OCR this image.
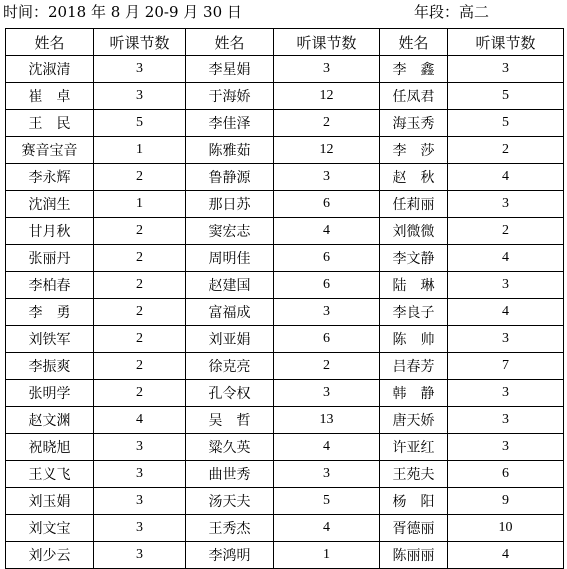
时间：2018 年 8 月 20-9 月 30 日	年段：高二
姓名	听课节数	姓名	听课节数	姓名	听课节数
沈淑清	3	李星娟	3	李　鑫	3
崔　卓	3	于海娇	12	任凤君	5
王　民	5	李佳泽	2	海玉秀	5
赛音宝音	1	陈雅茹	12	李　莎	2
李永辉	2	鲁静源	3	赵　秋	4
沈润生	1	那日苏	6	任莉丽	3
甘月秋	2	窦宏志	4	刘微微	2
张丽丹	2	周明佳	6	李文静	4
李柏春	2	赵建国	6	陆　琳	3
李　勇	2	富福成	3	李良子	4
刘铁军	2	刘亚娟	6	陈　帅	3
李振爽	2	徐克亮	2	吕春芳	7
张明学	2	孔令权	3	韩　静	3
赵文渊	4	吴　哲	13	唐天娇	3
祝晓旭	3	粱久英	4	许亚红	3
王义飞	3	曲世秀	3	王苑夫	6
刘玉娟	3	汤天夫	5	杨　阳	9
刘文宝	3	王秀杰	4	胥德丽	10
刘少云	3	李鸿明	1	陈丽丽	4
